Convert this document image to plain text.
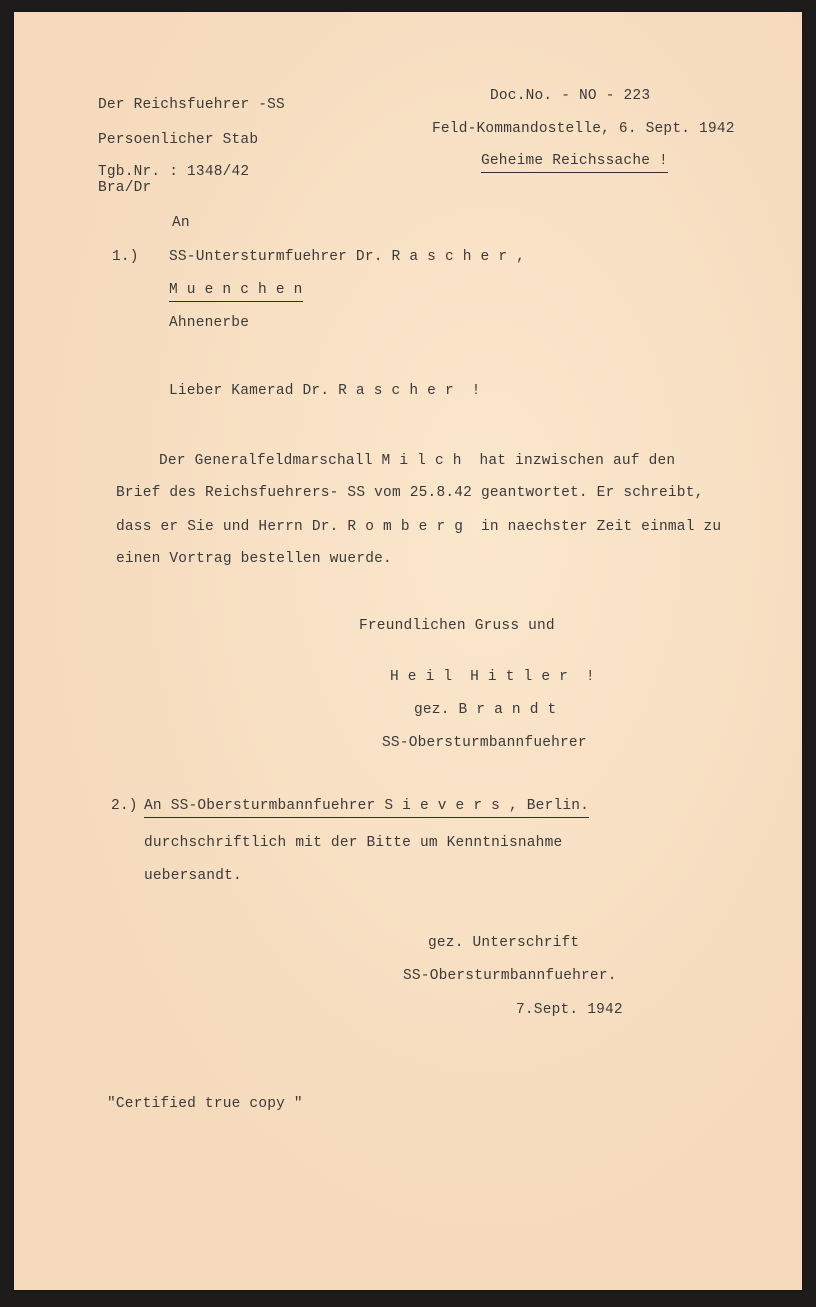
Der Reichsfuehrer -SS
Persoenlicher Stab
Tgb.Nr. : 1348/42
Bra/Dr
Doc.No. - NO - 223
Feld-Kommandostelle, 6. Sept. 1942
Geheime Reichssache !
An
1.) SS-Untersturmfuehrer Dr. R a s c h e r ,
M u e n c h e n
Ahnenerbe
Lieber Kamerad Dr. R a s c h e r  !
Der Generalfeldmarschall M i l c h  hat inzwischen auf den
Brief des Reichsfuehrers- SS vom 25.8.42 geantwortet. Er schreibt,
dass er Sie und Herrn Dr. R o m b e r g  in naechster Zeit einmal zu
einen Vortrag bestellen wuerde.
Freundlichen Gruss und
H e i l  H i t l e r  !
gez. B r a n d t
SS-Obersturmbannfuehrer
2.) An SS-Obersturmbannfuehrer S i e v e r s , Berlin.
durchschriftlich mit der Bitte um Kenntnisnahme
uebersandt.
gez. Unterschrift
SS-Obersturmbannfuehrer.
7.Sept. 1942
"Certified true copy "
